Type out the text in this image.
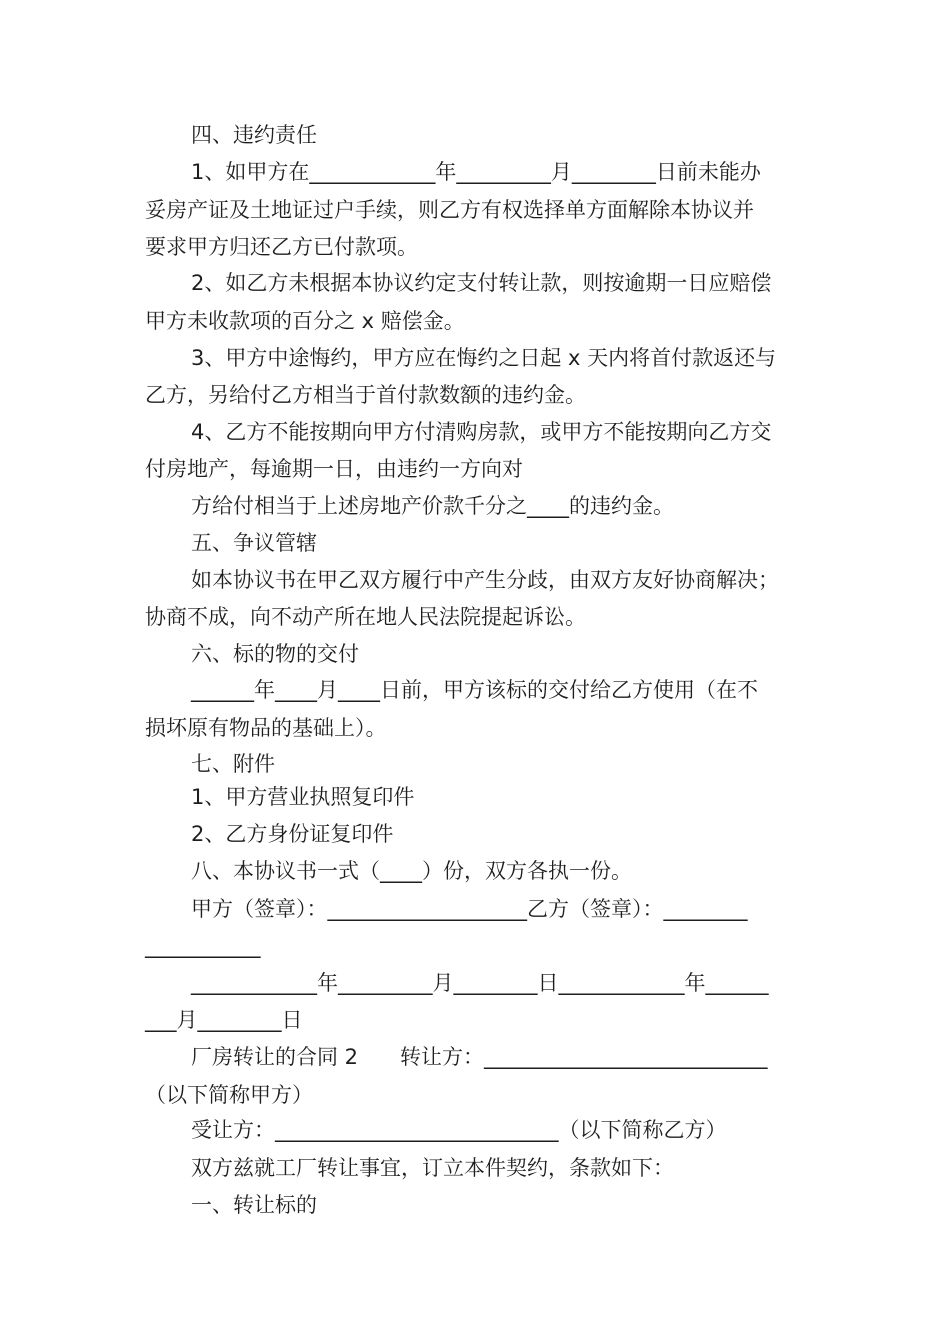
四、违约责任
1、如甲方在____________年_________月________日前未能办
妥房产证及土地证过户手续，则乙方有权选择单方面解除本协议并
要求甲方归还乙方已付款项。
2、如乙方未根据本协议约定支付转让款，则按逾期一日应赔偿
甲方未收款项的百分之 x 赔偿金。
3、甲方中途悔约，甲方应在悔约之日起 x 天内将首付款返还与
乙方，另给付乙方相当于首付款数额的违约金。
4、乙方不能按期向甲方付清购房款，或甲方不能按期向乙方交
付房地产，每逾期一日，由违约一方向对
方给付相当于上述房地产价款千分之____的违约金。
五、争议管辖
如本协议书在甲乙双方履行中产生分歧，由双方友好协商解决；
协商不成，向不动产所在地人民法院提起诉讼。
六、标的物的交付
______年____月____日前，甲方该标的交付给乙方使用（在不
损坏原有物品的基础上）。
七、附件
1、甲方营业执照复印件
2、乙方身份证复印件
八、本协议书一式（____）份，双方各执一份。
甲方（签章）：___________________乙方（签章）：________
___________
____________年_________月________日____________年______
___月________日
厂房转让的合同 2　　转让方：___________________________
（以下简称甲方）
受让方：___________________________（以下简称乙方）
双方兹就工厂转让事宜，订立本件契约，条款如下：
一、转让标的
